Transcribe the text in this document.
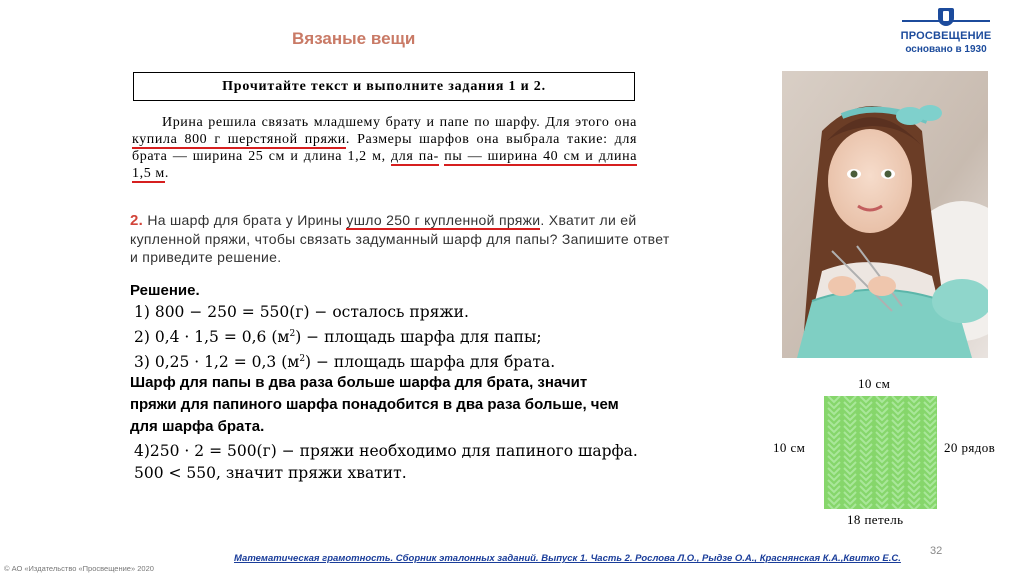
Вязаные вещи	ПРОСВЕЩЕНИЕ
основано в 1930
Прочитайте текст и выполните задания 1 и 2.

Ирина решила связать младшему брату и папе по шарфу. Для этого она купила 800 г шерстяной пряжи. Размеры шарфов она выбрала такие: для брата — ширина 25 см и длина 1,2 м, для па- пы — ширина 40 см и длина 1,5 м.

2. На шарф для брата у Ирины ушло 250 г купленной пряжи. Хватит ли ей купленной пряжи, чтобы связать задуманный шарф для папы? Запишите ответ и приведите решение.
Решение.
1) 800 − 250 = 550(г) − осталось пряжи.
2) 0,4 · 1,5 = 0,6 $(м^2)$ − площадь шарфа для папы;
3) 0,25 · 1,2 = 0,3 $(м^2)$ − площадь шарфа для брата.
Шарф для папы в два раза больше шарфа для брата, значит
пряжи для папиного шарфа понадобится в два раза больше, чем
для шарфа брата.
4)250 · 2 = 500(г) − пряжи необходимо для папиного шарфа.
500 < 550, значит пряжи хватит.
10 см
10 см	20 рядов
18 петель
32
Математическая грамотность. Сборник эталонных заданий. Выпуск 1. Часть 2. Рослова Л.О., Рыдзе О.А., Краснянская К.А.,Квитко Е.С.
© АО «Издательство «Просвещение» 2020
